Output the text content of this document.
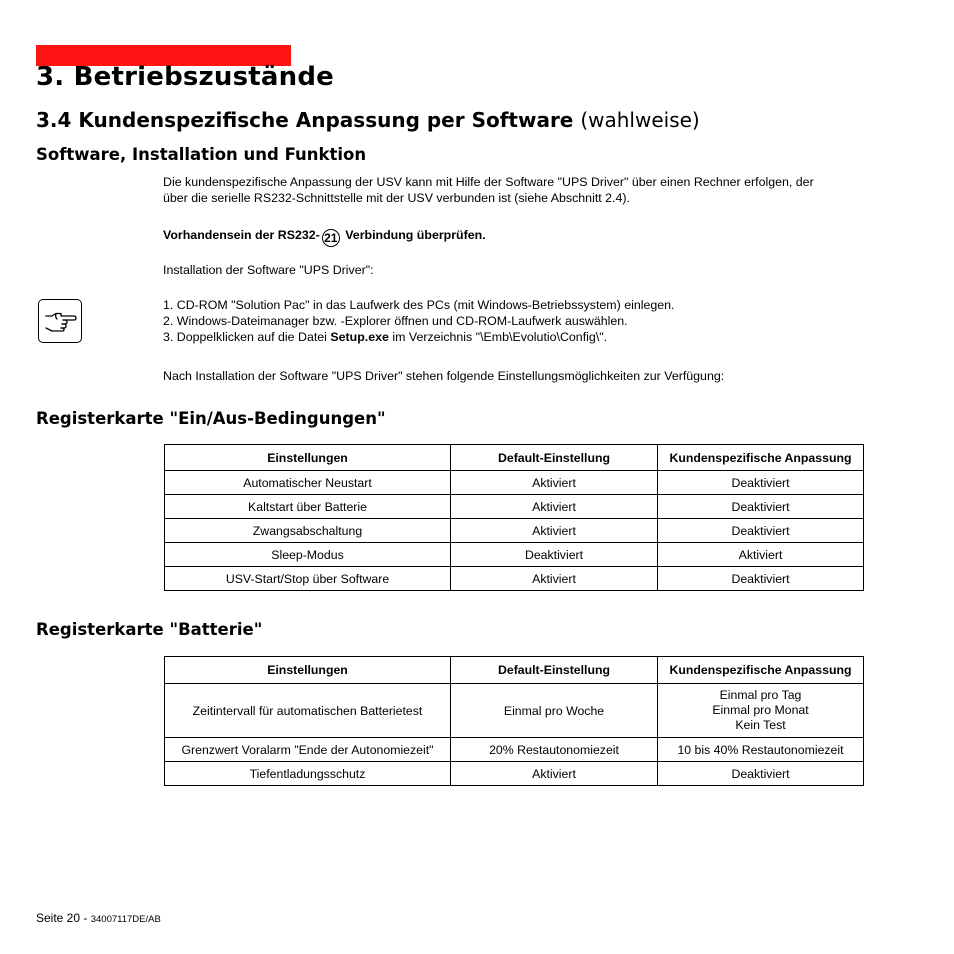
3. Betriebszustände
3.4 Kundenspezifische Anpassung per Software (wahlweise)
Software, Installation und Funktion

Die kundenspezifische Anpassung der USV kann mit Hilfe der Software "UPS Driver" über einen Rechner erfolgen, der
über die serielle RS232-Schnittstelle mit der USV verbunden ist (siehe Abschnitt 2.4).

Vorhandensein der RS232- 21 Verbindung überprüfen.

Installation der Software "UPS Driver":

1. CD-ROM "Solution Pac" in das Laufwerk des PCs (mit Windows-Betriebssystem) einlegen.
2. Windows-Dateimanager bzw. -Explorer öffnen und CD-ROM-Laufwerk auswählen.
3. Doppelklicken auf die Datei Setup.exe im Verzeichnis "\Emb\Evolutio\Config\".

Nach Installation der Software "UPS Driver" stehen folgende Einstellungsmöglichkeiten zur Verfügung:

Registerkarte "Ein/Aus-Bedingungen"
Einstellungen	Default-Einstellung	Kundenspezifische Anpassung
Automatischer Neustart	Aktiviert	Deaktiviert
Kaltstart über Batterie	Aktiviert	Deaktiviert
Zwangsabschaltung	Aktiviert	Deaktiviert
Sleep-Modus	Deaktiviert	Aktiviert
USV-Start/Stop über Software	Aktiviert	Deaktiviert
Registerkarte "Batterie"
Einstellungen	Default-Einstellung	Kundenspezifische Anpassung
Zeitintervall für automatischen Batterietest	Einmal pro Woche	Einmal pro Tag
Einmal pro Monat
Kein Test
Grenzwert Voralarm "Ende der Autonomiezeit"	20% Restautonomiezeit	10 bis 40% Restautonomiezeit
Tiefentladungsschutz	Aktiviert	Deaktiviert
Seite 20 - 34007117DE/AB
